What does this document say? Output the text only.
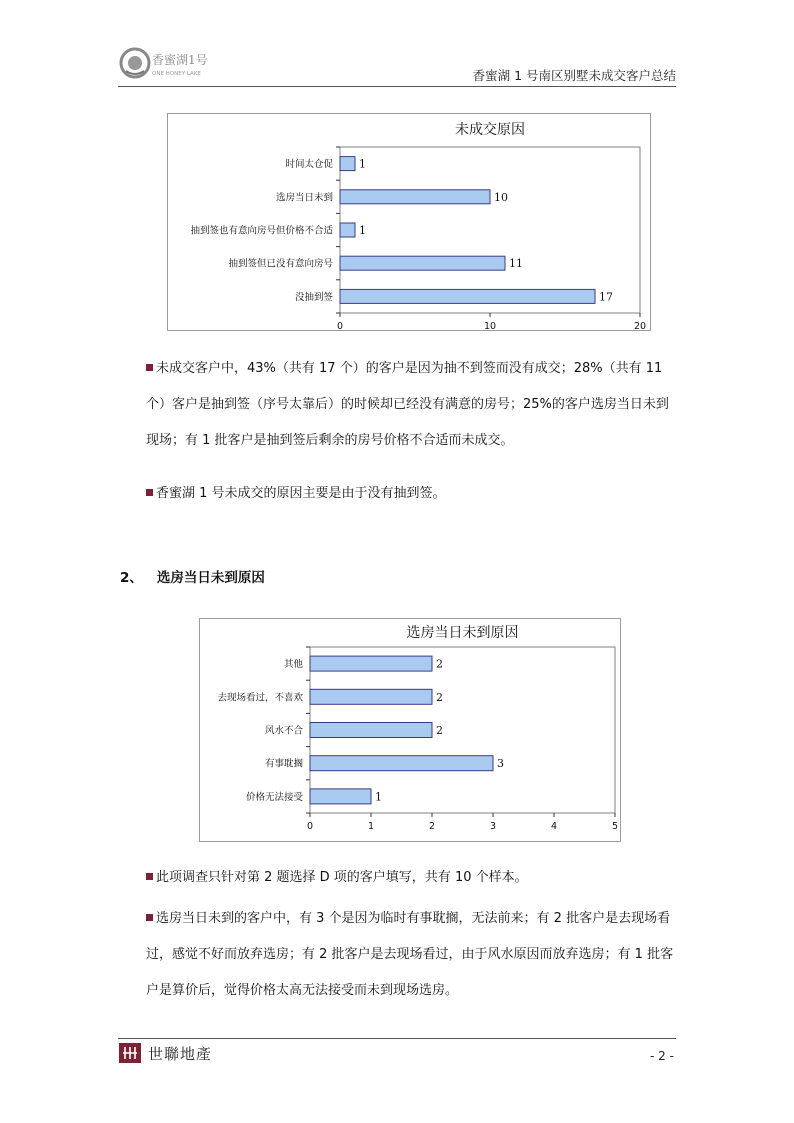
香蜜湖1号
ONE HONEY LAKE	香蜜湖 1 号南区别墅未成交客户总结
未成交原因
0	10	20
时间太仓促 1
选房当日未到	10
抽到签也有意向房号但价格不合适 1
抽到签但已没有意向房号	11
没抽到签	17
未成交客户中，43%（共有 17 个）的客户是因为抽不到签而没有成交；28%（共有 11 个）客户是抽到签（序号太靠后）的时候却已经没有满意的房号；25%的客户选房当日未到现场；有 1 批客户是抽到签后剩余的房号价格不合适而未成交。
香蜜湖 1 号未成交的原因主要是由于没有抽到签。
2、 选房当日未到原因
选房当日未到原因
0	1	2	3	4	5
其他	2
去现场看过，不喜欢	2
风水不合	2
有事耽搁	3
价格无法接受	1
此项调查只针对第 2 题选择 D 项的客户填写，共有 10 个样本。
选房当日未到的客户中，有 3 个是因为临时有事耽搁，无法前来；有 2 批客户是去现场看过，感觉不好而放弃选房；有 2 批客户是去现场看过，由于风水原因而放弃选房；有 1 批客户是算价后，觉得价格太高无法接受而未到现场选房。
世聯地產	- 2 -
